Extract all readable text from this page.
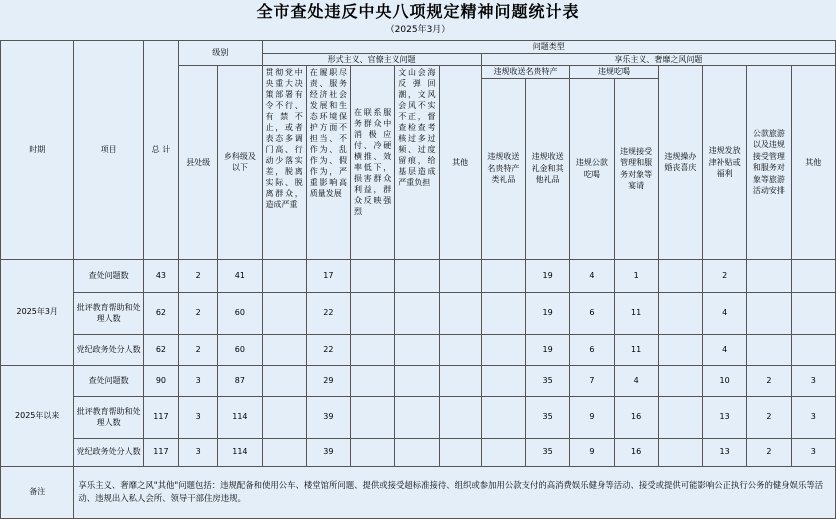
全市查处违反中央八项规定精神问题统计表
（2025年3月）
时期	项目	总 计	级别		问题类型												
					形式主义、官僚主义问题					享乐主义、奢靡之风问题							
			县处级	乡科级及以下	贯彻党中央重大决策部署有令不行、有禁不止，或者表态多调门高、行动少落实差，脱离实际、脱离群众，造成严重	在履职尽责、服务经济社会发展和生态环境保护方面不担当、不作为、乱作为、假作为，严重影响高质量发展	在联系服务群众中消极应付、冷硬横推、效率低下，损害群众利益，群众反映强烈	文山会海反弹回潮，文风会风不实不正，督查检查考核过多过频、过度留痕，给基层造成严重负担	其他	违规收送名贵特产		违规吃喝		违规操办婚丧喜庆	违规发放津补贴或福利	公款旅游以及违规接受管理和服务对象等旅游活动安排	其他
										违规收送名贵特产类礼品	违规收送礼金和其他礼品	违规公款吃喝	违规接受管理和服务对象等宴请				
2025年3月	查处问题数	43	2	41		17					19	4	1		2		
	批评教育帮助和处理人数	62	2	60		22					19	6	11		4		
	党纪政务处分人数	62	2	60		22					19	6	11		4		
2025年以来	查处问题数	90	3	87		29					35	7	4		10	2	3
	批评教育帮助和处理人数	117	3	114		39					35	9	16		13	2	3
	党纪政务处分人数	117	3	114		39					35	9	16		13	2	3
备注	享乐主义、奢靡之风"其他"问题包括：违规配备和使用公车、楼堂馆所问题、提供或接受超标准接待、组织或参加用公款支付的高消费娱乐健身等活动、接受或提供可能影响公正执行公务的健身娱乐等活动、违规出入私人会所、领导干部住房违规。																
